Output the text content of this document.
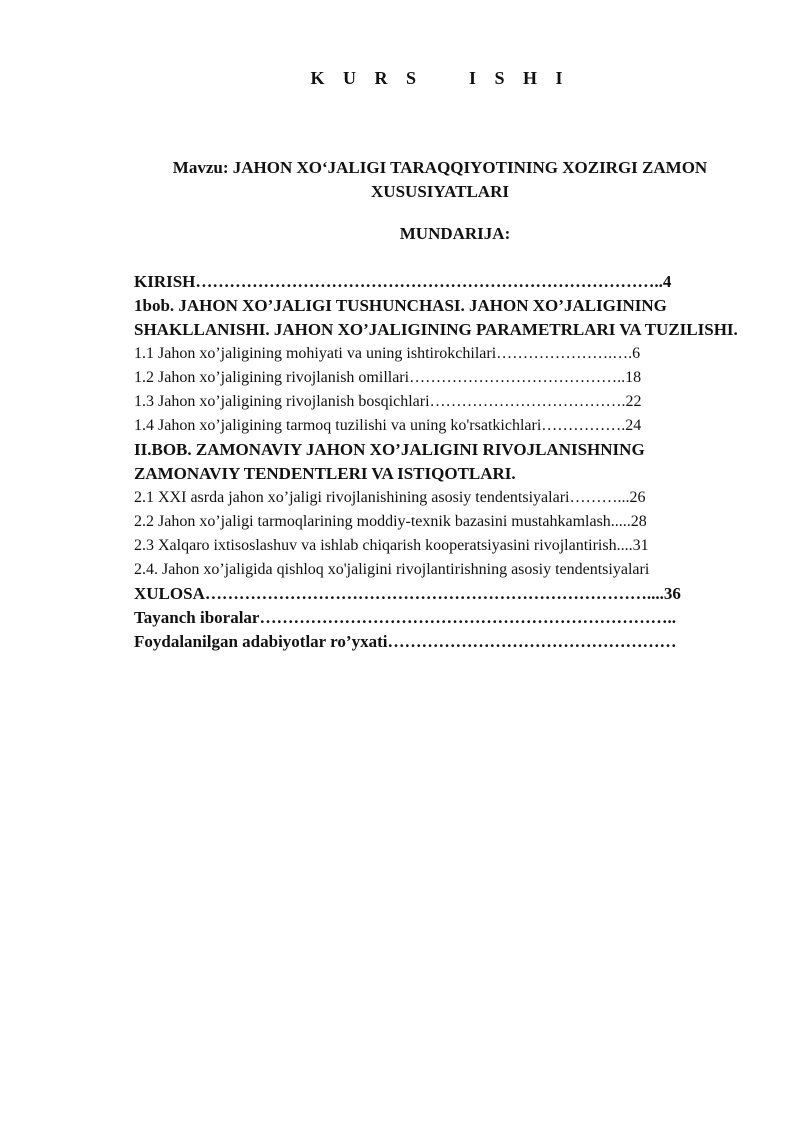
K U R S    I S H I
Mavzu: JAHON XO‘JALIGI TARAQQIYOTINING XOZIRGI ZAMON XUSUSIYATLARI
MUNDARIJA:
KIRISH………………………………………………………………………..4
1bob. JAHON XO’JALIGI TUSHUNCHASI. JAHON XO’JALIGINING SHAKLLANISHI. JAHON XO’JALIGINING PARAMETRLARI VA TUZILISHI.
1.1 Jahon xo’jaligining mohiyati va uning ishtirokchilari………………….….6
1.2 Jahon xo’jaligining rivojlanish omillari…………………………………..18
1.3 Jahon xo’jaligining rivojlanish bosqichlari……………………………….22
1.4 Jahon xo’jaligining tarmoq tuzilishi va uning ko'rsatkichlari…………….24
II.BOB. ZAMONAVIY JAHON XO’JALIGINI RIVOJLANISHNING ZAMONAVIY TENDENTLERI VA ISTIQOTLARI.
2.1 XXI asrda jahon xo’jaligi rivojlanishining asosiy tendentsiyalari………...26
2.2 Jahon xo’jaligi tarmoqlarining moddiy-texnik bazasini mustahkamlash.....28
2.3 Xalqaro ixtisoslashuv va ishlab chiqarish kooperatsiyasini rivojlantirish....31
2.4. Jahon xo’jaligida qishloq xo'jaligini rivojlantirishning asosiy tendentsiyalari
XULOSA……………………………………………………………………....36
Tayanch iboralar………………………………………………………………..
Foydalanilgan adabiyotlar ro’yxati……………………………………………
